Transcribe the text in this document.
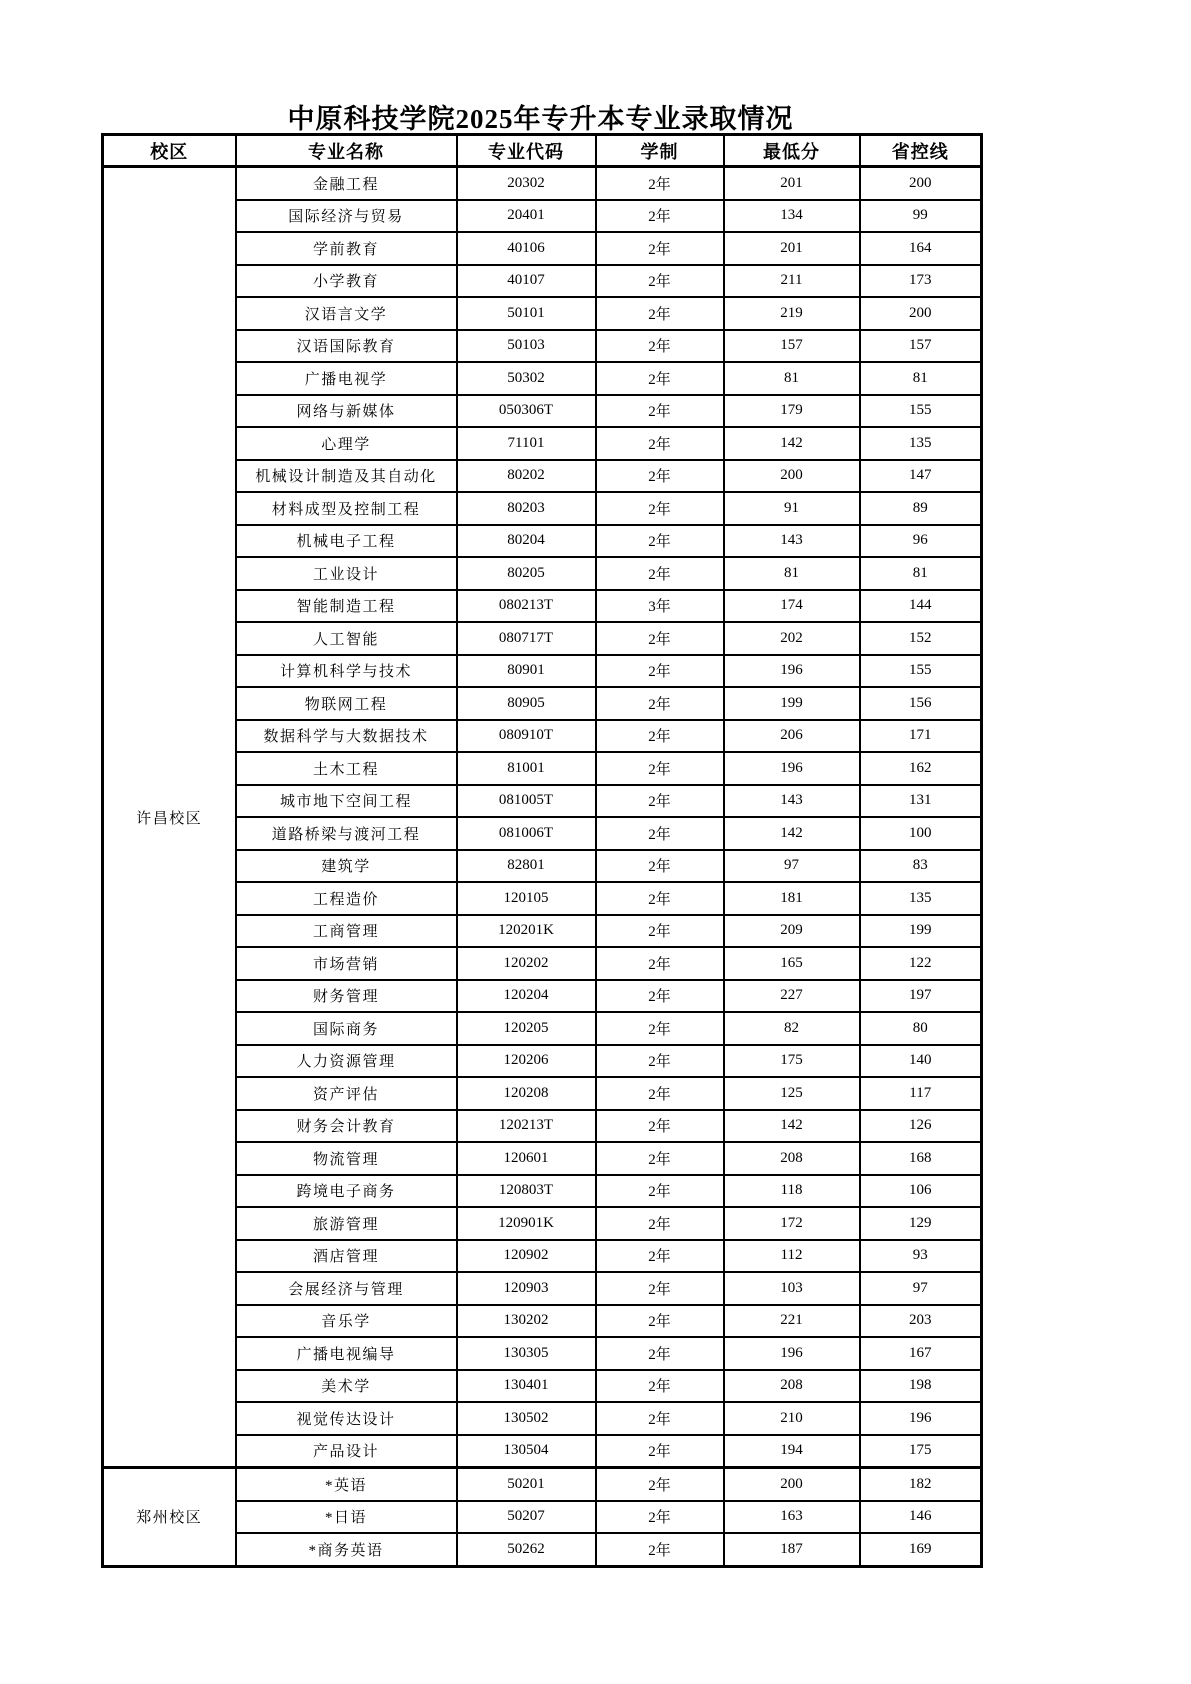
中原科技学院2025年专升本专业录取情况
校区	专业名称	专业代码	学制	最低分	省控线
许昌校区	金融工程	20302	2年	201	200
	国际经济与贸易	20401	2年	134	99
	学前教育	40106	2年	201	164
	小学教育	40107	2年	211	173
	汉语言文学	50101	2年	219	200
	汉语国际教育	50103	2年	157	157
	广播电视学	50302	2年	81	81
	网络与新媒体	050306T	2年	179	155
	心理学	71101	2年	142	135
	机械设计制造及其自动化	80202	2年	200	147
	材料成型及控制工程	80203	2年	91	89
	机械电子工程	80204	2年	143	96
	工业设计	80205	2年	81	81
	智能制造工程	080213T	3年	174	144
	人工智能	080717T	2年	202	152
	计算机科学与技术	80901	2年	196	155
	物联网工程	80905	2年	199	156
	数据科学与大数据技术	080910T	2年	206	171
	土木工程	81001	2年	196	162
	城市地下空间工程	081005T	2年	143	131
	道路桥梁与渡河工程	081006T	2年	142	100
	建筑学	82801	2年	97	83
	工程造价	120105	2年	181	135
	工商管理	120201K	2年	209	199
	市场营销	120202	2年	165	122
	财务管理	120204	2年	227	197
	国际商务	120205	2年	82	80
	人力资源管理	120206	2年	175	140
	资产评估	120208	2年	125	117
	财务会计教育	120213T	2年	142	126
	物流管理	120601	2年	208	168
	跨境电子商务	120803T	2年	118	106
	旅游管理	120901K	2年	172	129
	酒店管理	120902	2年	112	93
	会展经济与管理	120903	2年	103	97
	音乐学	130202	2年	221	203
	广播电视编导	130305	2年	196	167
	美术学	130401	2年	208	198
	视觉传达设计	130502	2年	210	196
	产品设计	130504	2年	194	175
郑州校区	*英语	50201	2年	200	182
	*日语	50207	2年	163	146
	*商务英语	50262	2年	187	169
